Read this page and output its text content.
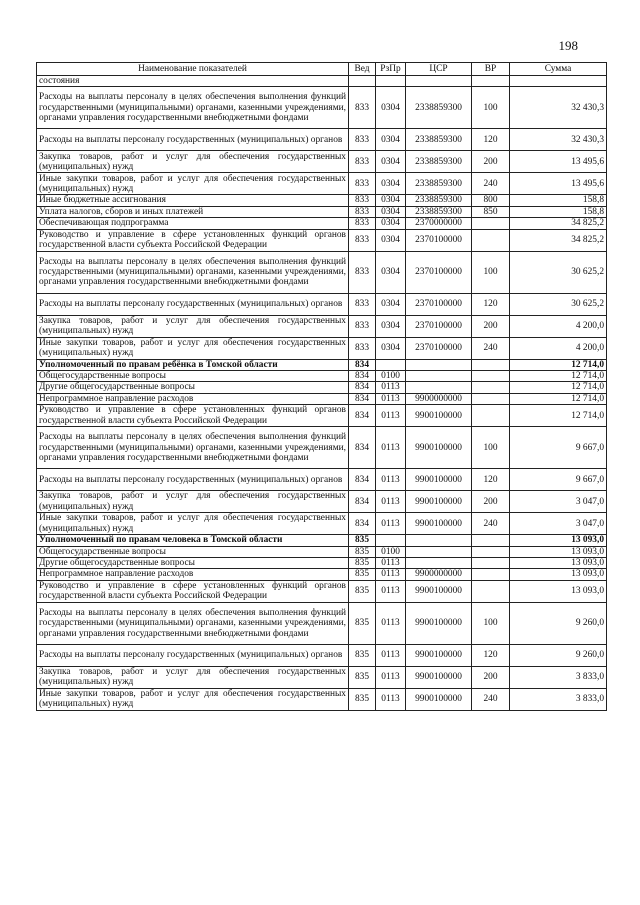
198
Наименование показателей	Вед	РзПр	ЦСР	ВР	Сумма
состояния					
Расходы на выплаты персоналу в целях обеспечения выполнения функций государственными (муниципальными) органами, казенными учреждениями, органами управления государственными внебюджетными фондами	833	0304	2338859300	100	32 430,3
Расходы на выплаты персоналу государственных (муниципальных) органов	833	0304	2338859300	120	32 430,3
Закупка товаров, работ и услуг для обеспечения государственных (муниципальных) нужд	833	0304	2338859300	200	13 495,6
Иные закупки товаров, работ и услуг для обеспечения государственных (муниципальных) нужд	833	0304	2338859300	240	13 495,6
Иные бюджетные ассигнования	833	0304	2338859300	800	158,8
Уплата налогов, сборов и иных платежей	833	0304	2338859300	850	158,8
Обеспечивающая подпрограмма	833	0304	2370000000		34 825,2
Руководство и управление в сфере установленных функций органов государственной власти субъекта Российской Федерации	833	0304	2370100000		34 825,2
Расходы на выплаты персоналу в целях обеспечения выполнения функций государственными (муниципальными) органами, казенными учреждениями, органами управления государственными внебюджетными фондами	833	0304	2370100000	100	30 625,2
Расходы на выплаты персоналу государственных (муниципальных) органов	833	0304	2370100000	120	30 625,2
Закупка товаров, работ и услуг для обеспечения государственных (муниципальных) нужд	833	0304	2370100000	200	4 200,0
Иные закупки товаров, работ и услуг для обеспечения государственных (муниципальных) нужд	833	0304	2370100000	240	4 200,0
Уполномоченный по правам ребёнка в Томской области	834				12 714,0
Общегосударственные вопросы	834	0100			12 714,0
Другие общегосударственные вопросы	834	0113			12 714,0
Непрограммное направление расходов	834	0113	9900000000		12 714,0
Руководство и управление в сфере установленных функций органов государственной власти субъекта Российской Федерации	834	0113	9900100000		12 714,0
Расходы на выплаты персоналу в целях обеспечения выполнения функций государственными (муниципальными) органами, казенными учреждениями, органами управления государственными внебюджетными фондами	834	0113	9900100000	100	9 667,0
Расходы на выплаты персоналу государственных (муниципальных) органов	834	0113	9900100000	120	9 667,0
Закупка товаров, работ и услуг для обеспечения государственных (муниципальных) нужд	834	0113	9900100000	200	3 047,0
Иные закупки товаров, работ и услуг для обеспечения государственных (муниципальных) нужд	834	0113	9900100000	240	3 047,0
Уполномоченный по правам человека в Томской области	835				13 093,0
Общегосударственные вопросы	835	0100			13 093,0
Другие общегосударственные вопросы	835	0113			13 093,0
Непрограммное направление расходов	835	0113	9900000000		13 093,0
Руководство и управление в сфере установленных функций органов государственной власти субъекта Российской Федерации	835	0113	9900100000		13 093,0
Расходы на выплаты персоналу в целях обеспечения выполнения функций государственными (муниципальными) органами, казенными учреждениями, органами управления государственными внебюджетными фондами	835	0113	9900100000	100	9 260,0
Расходы на выплаты персоналу государственных (муниципальных) органов	835	0113	9900100000	120	9 260,0
Закупка товаров, работ и услуг для обеспечения государственных (муниципальных) нужд	835	0113	9900100000	200	3 833,0
Иные закупки товаров, работ и услуг для обеспечения государственных (муниципальных) нужд	835	0113	9900100000	240	3 833,0
